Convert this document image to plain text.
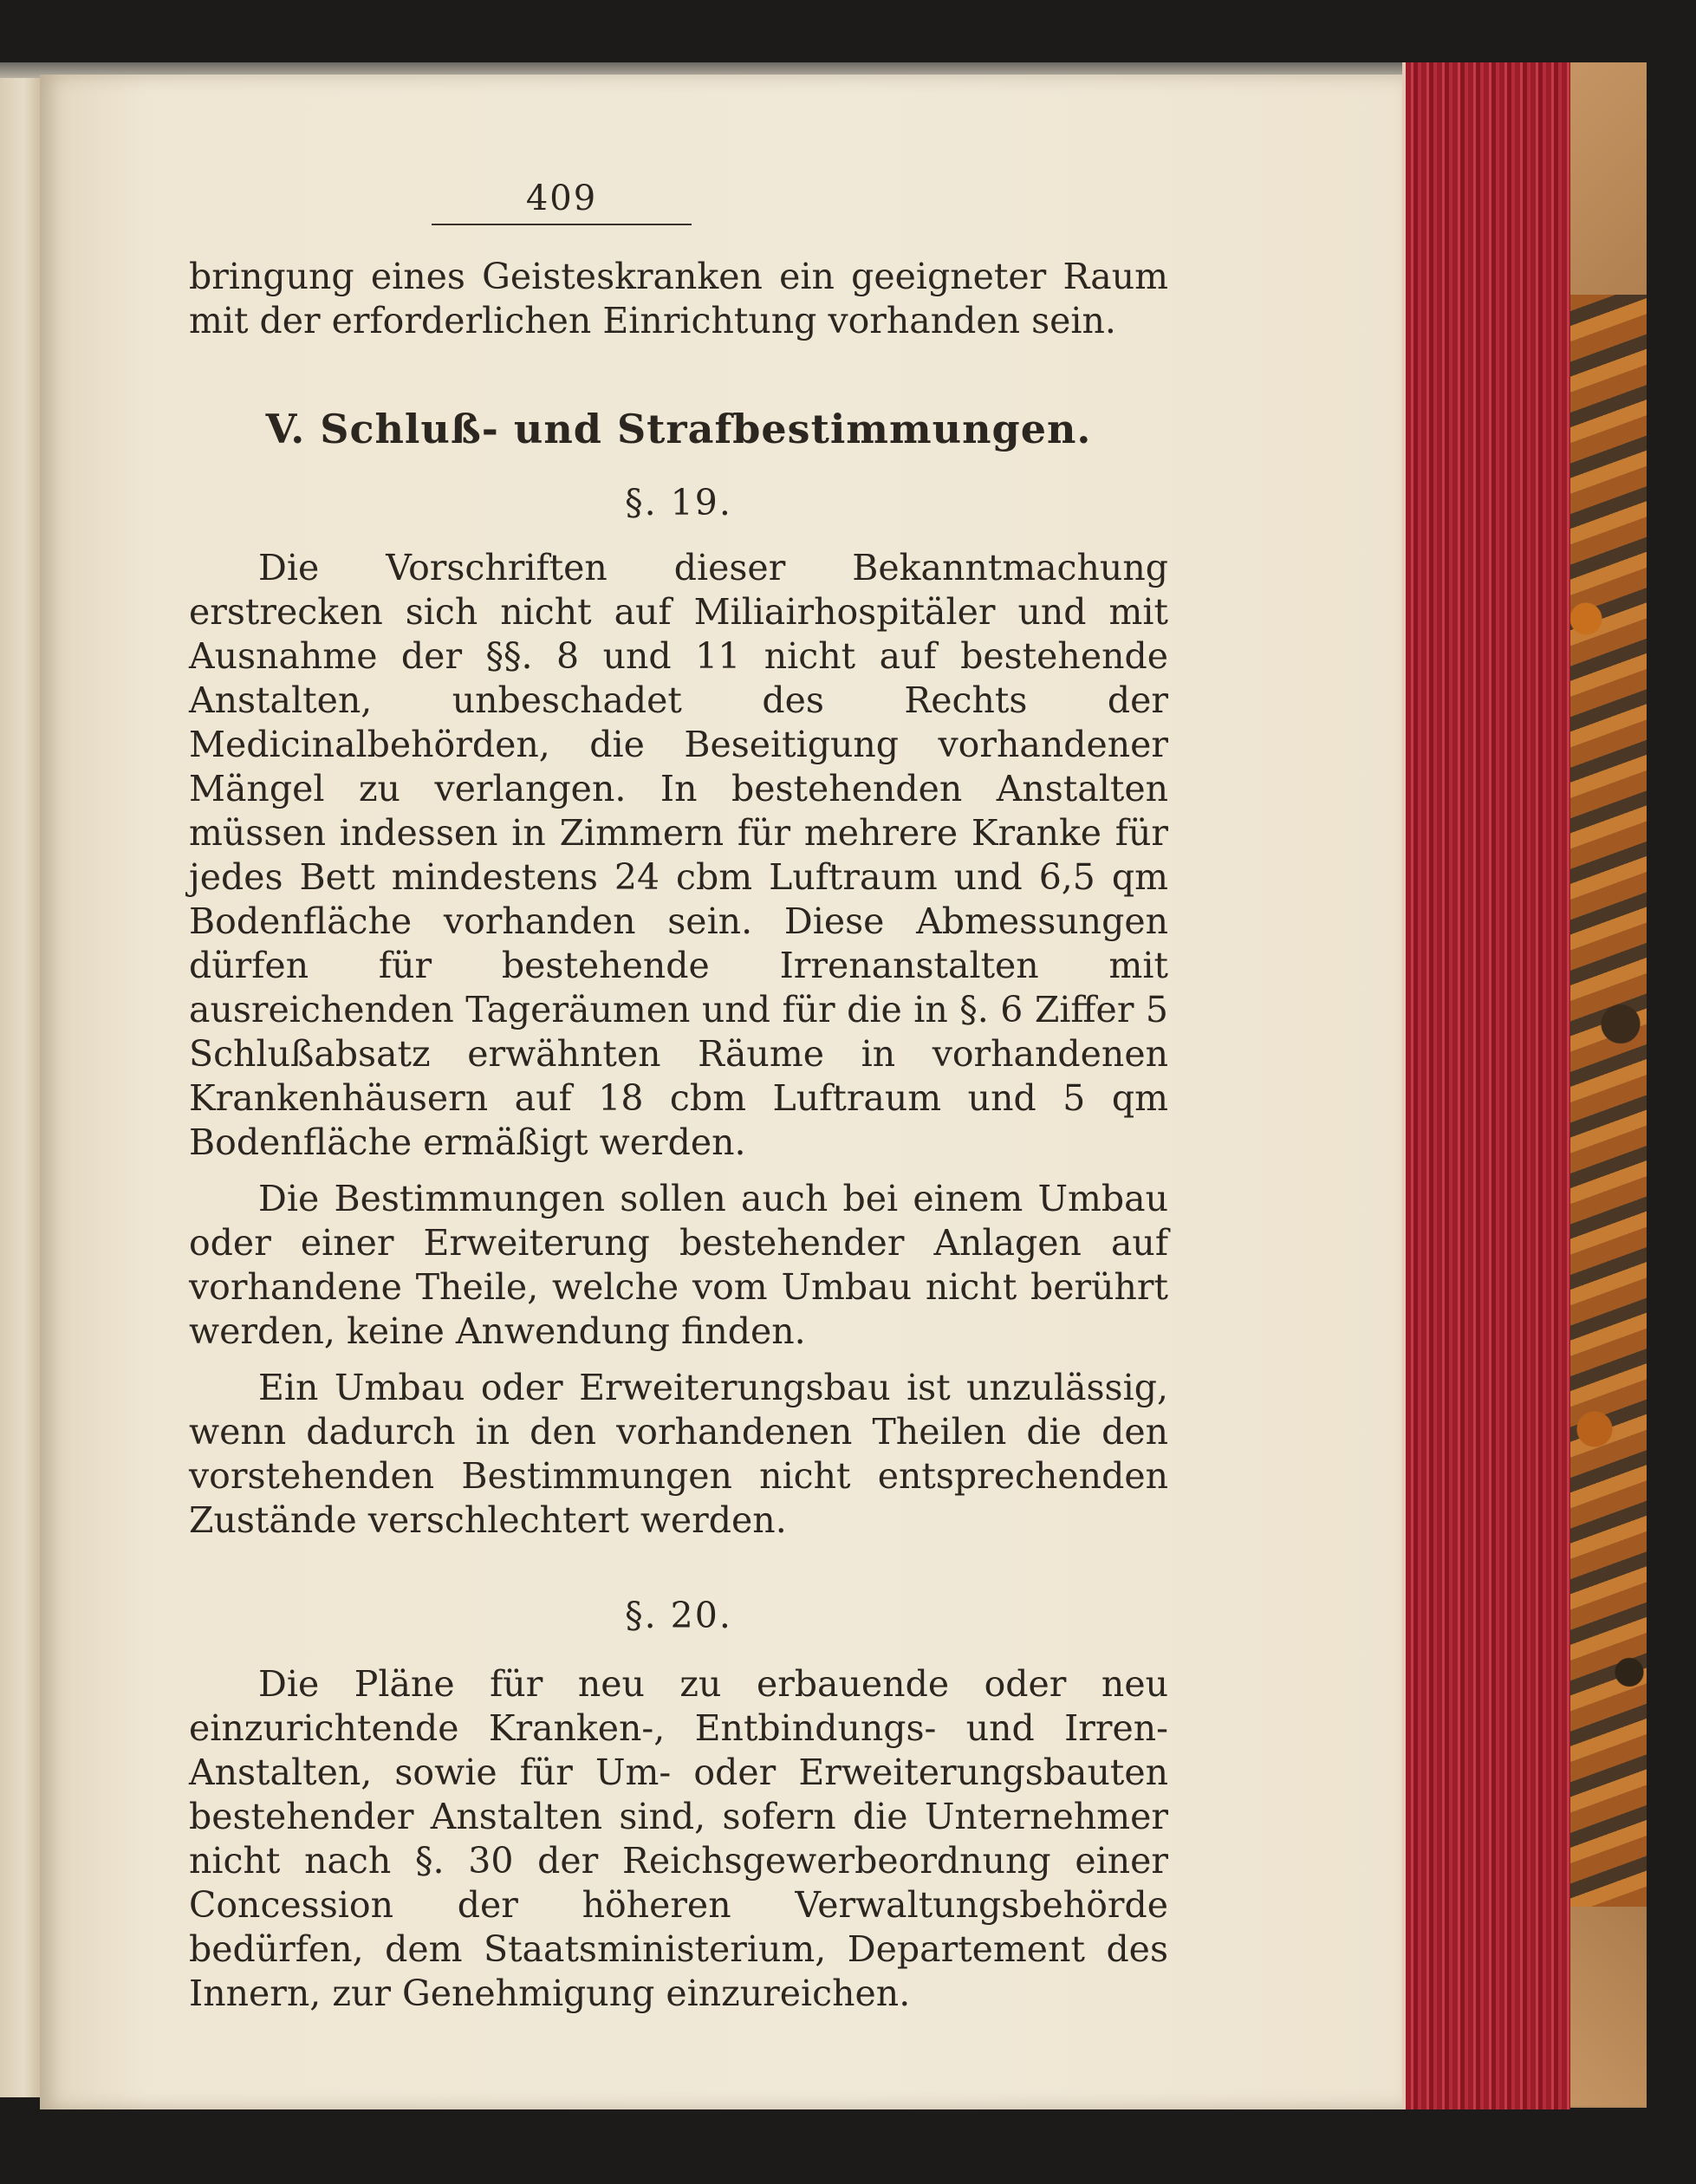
409

bringung eines Geisteskranken ein geeigneter Raum mit der erforderlichen Einrichtung vorhanden sein.

V. Schluß- und Strafbestimmungen.
§. 19.

Die Vorschriften dieser Bekanntmachung erstrecken sich nicht auf Miliairhospitäler und mit Ausnahme der §§. 8 und 11 nicht auf bestehende Anstalten, unbeschadet des Rechts der Medicinalbehörden, die Beseitigung vorhandener Mängel zu verlangen. In bestehenden Anstalten müssen indessen in Zimmern für mehrere Kranke für jedes Bett mindestens 24 cbm Luftraum und 6,5 qm Bodenfläche vorhanden sein. Diese Abmessungen dürfen für bestehende Irrenanstalten mit ausreichenden Tageräumen und für die in §. 6 Ziffer 5 Schlußabsatz erwähnten Räume in vorhandenen Krankenhäusern auf 18 cbm Luftraum und 5 qm Bodenfläche ermäßigt werden.

Die Bestimmungen sollen auch bei einem Umbau oder einer Erweiterung bestehender Anlagen auf vorhandene Theile, welche vom Umbau nicht berührt werden, keine Anwendung finden.

Ein Umbau oder Erweiterungsbau ist unzulässig, wenn dadurch in den vorhandenen Theilen die den vorstehenden Bestimmungen nicht entsprechenden Zustände verschlechtert werden.

§. 20.

Die Pläne für neu zu erbauende oder neu einzurichtende Kranken-, Entbindungs- und Irren-Anstalten, sowie für Um- oder Erweiterungsbauten bestehender Anstalten sind, sofern die Unternehmer nicht nach §. 30 der Reichsgewerbeordnung einer Concession der höheren Verwaltungsbehörde bedürfen, dem Staatsministerium, Departement des Innern, zur Genehmigung einzureichen.
